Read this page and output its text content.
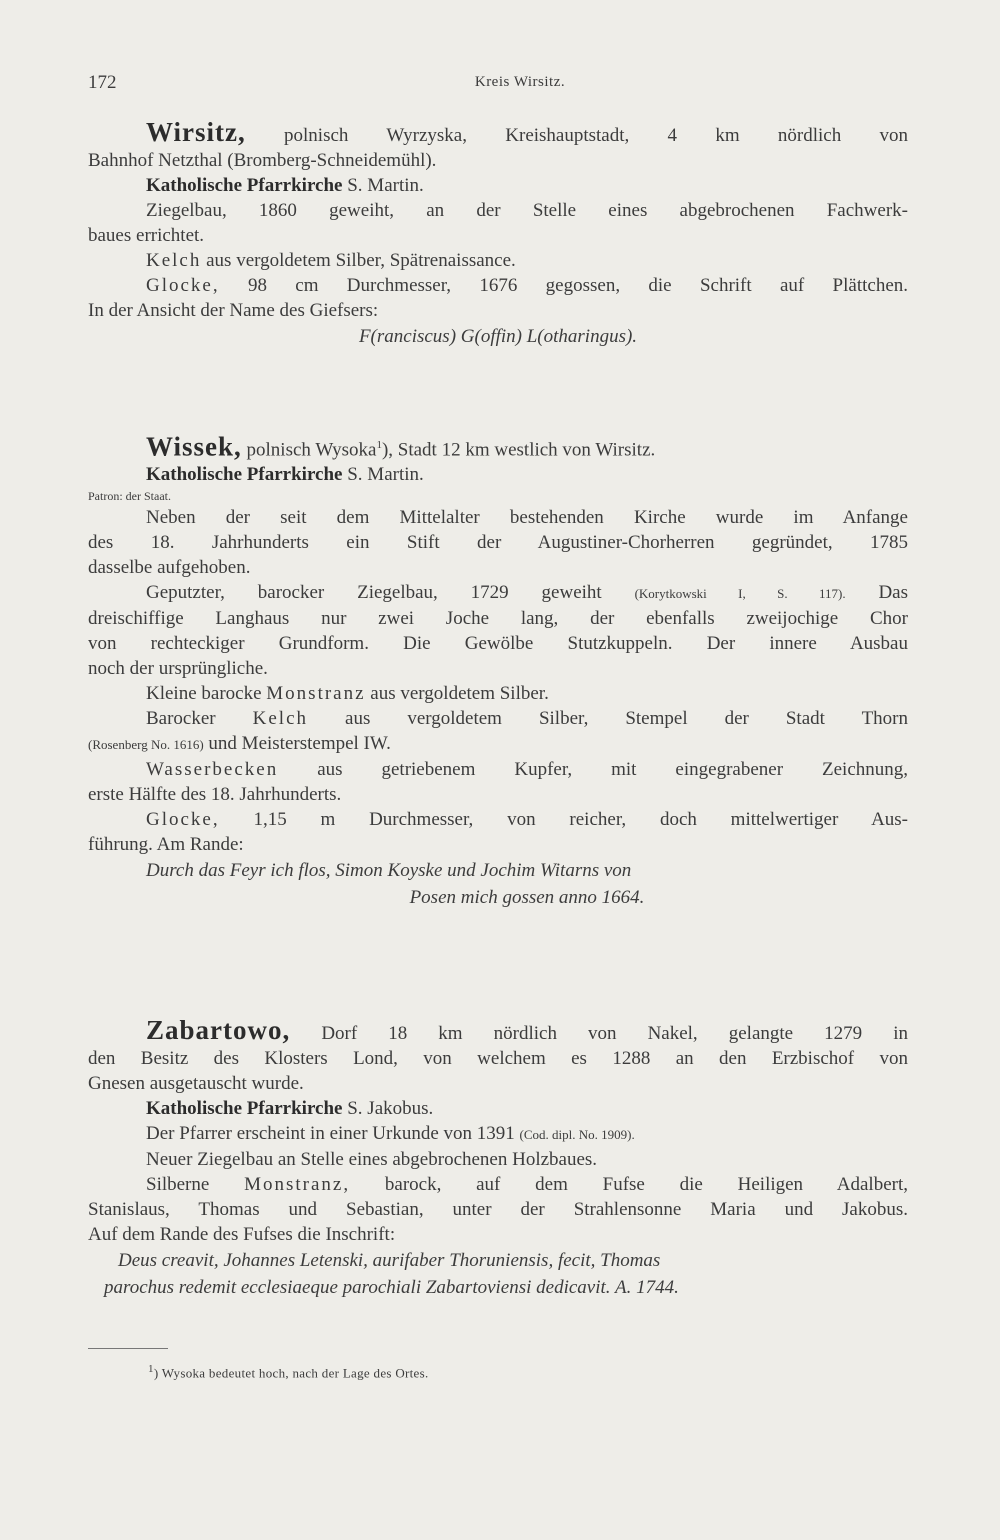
172	Kreis Wirsitz.
Wirsitz, polnisch Wyrzyska, Kreishauptstadt, 4 km nördlich von
Bahnhof Netzthal (Bromberg-Schneidemühl).
Katholische Pfarrkirche S. Martin.
Ziegelbau, 1860 geweiht, an der Stelle eines abgebrochenen Fachwerk-
baues errichtet.
Kelch aus vergoldetem Silber, Spätrenaissance.
Glocke, 98 cm Durchmesser, 1676 gegossen, die Schrift auf Plättchen.
In der Ansicht der Name des Giefsers:
F(ranciscus) G(offin) L(otharingus).
Wissek, polnisch Wysoka$^1$), Stadt 12 km westlich von Wirsitz.
Katholische Pfarrkirche S. Martin.
Patron: der Staat.
Neben der seit dem Mittelalter bestehenden Kirche wurde im Anfange
des 18. Jahrhunderts ein Stift der Augustiner-Chorherren gegründet, 1785
dasselbe aufgehoben.
Geputzter, barocker Ziegelbau, 1729 geweiht	(Korytkowski I, S. 117). Das
dreischiffige Langhaus nur zwei Joche lang, der ebenfalls zweijochige Chor
von rechteckiger Grundform. Die Gewölbe Stutzkuppeln. Der innere Ausbau
noch der ursprüngliche.
Kleine barocke Monstranz aus vergoldetem Silber.
Barocker Kelch aus vergoldetem Silber, Stempel der Stadt Thorn
(Rosenberg No. 1616) und Meisterstempel IW.
Wasserbecken aus getriebenem Kupfer, mit eingegrabener Zeichnung,
erste Hälfte des 18. Jahrhunderts.
Glocke, 1,15 m Durchmesser, von reicher, doch mittelwertiger Aus-
führung. Am Rande:
Durch das Feyr ich flos, Simon Koyske und Jochim Witarns von
Posen mich gossen anno 1664.
Zabartowo, Dorf 18 km nördlich von Nakel, gelangte 1279 in
den Besitz des Klosters Lond, von welchem es 1288 an den Erzbischof von
Gnesen ausgetauscht wurde.
Katholische Pfarrkirche S. Jakobus.
Der Pfarrer erscheint in einer Urkunde von 1391 (Cod. dipl. No. 1909).
Neuer Ziegelbau an Stelle eines abgebrochenen Holzbaues.
Silberne Monstranz, barock, auf dem Fufse die Heiligen Adalbert,
Stanislaus, Thomas und Sebastian, unter der Strahlensonne Maria und Jakobus.
Auf dem Rande des Fufses die Inschrift:
Deus creavit, Johannes Letenski, aurifaber Thoruniensis, fecit, Thomas
parochus redemit ecclesiaeque parochiali Zabartoviensi dedicavit. A. 1744.
$^1$) Wysoka bedeutet hoch, nach der Lage des Ortes.
